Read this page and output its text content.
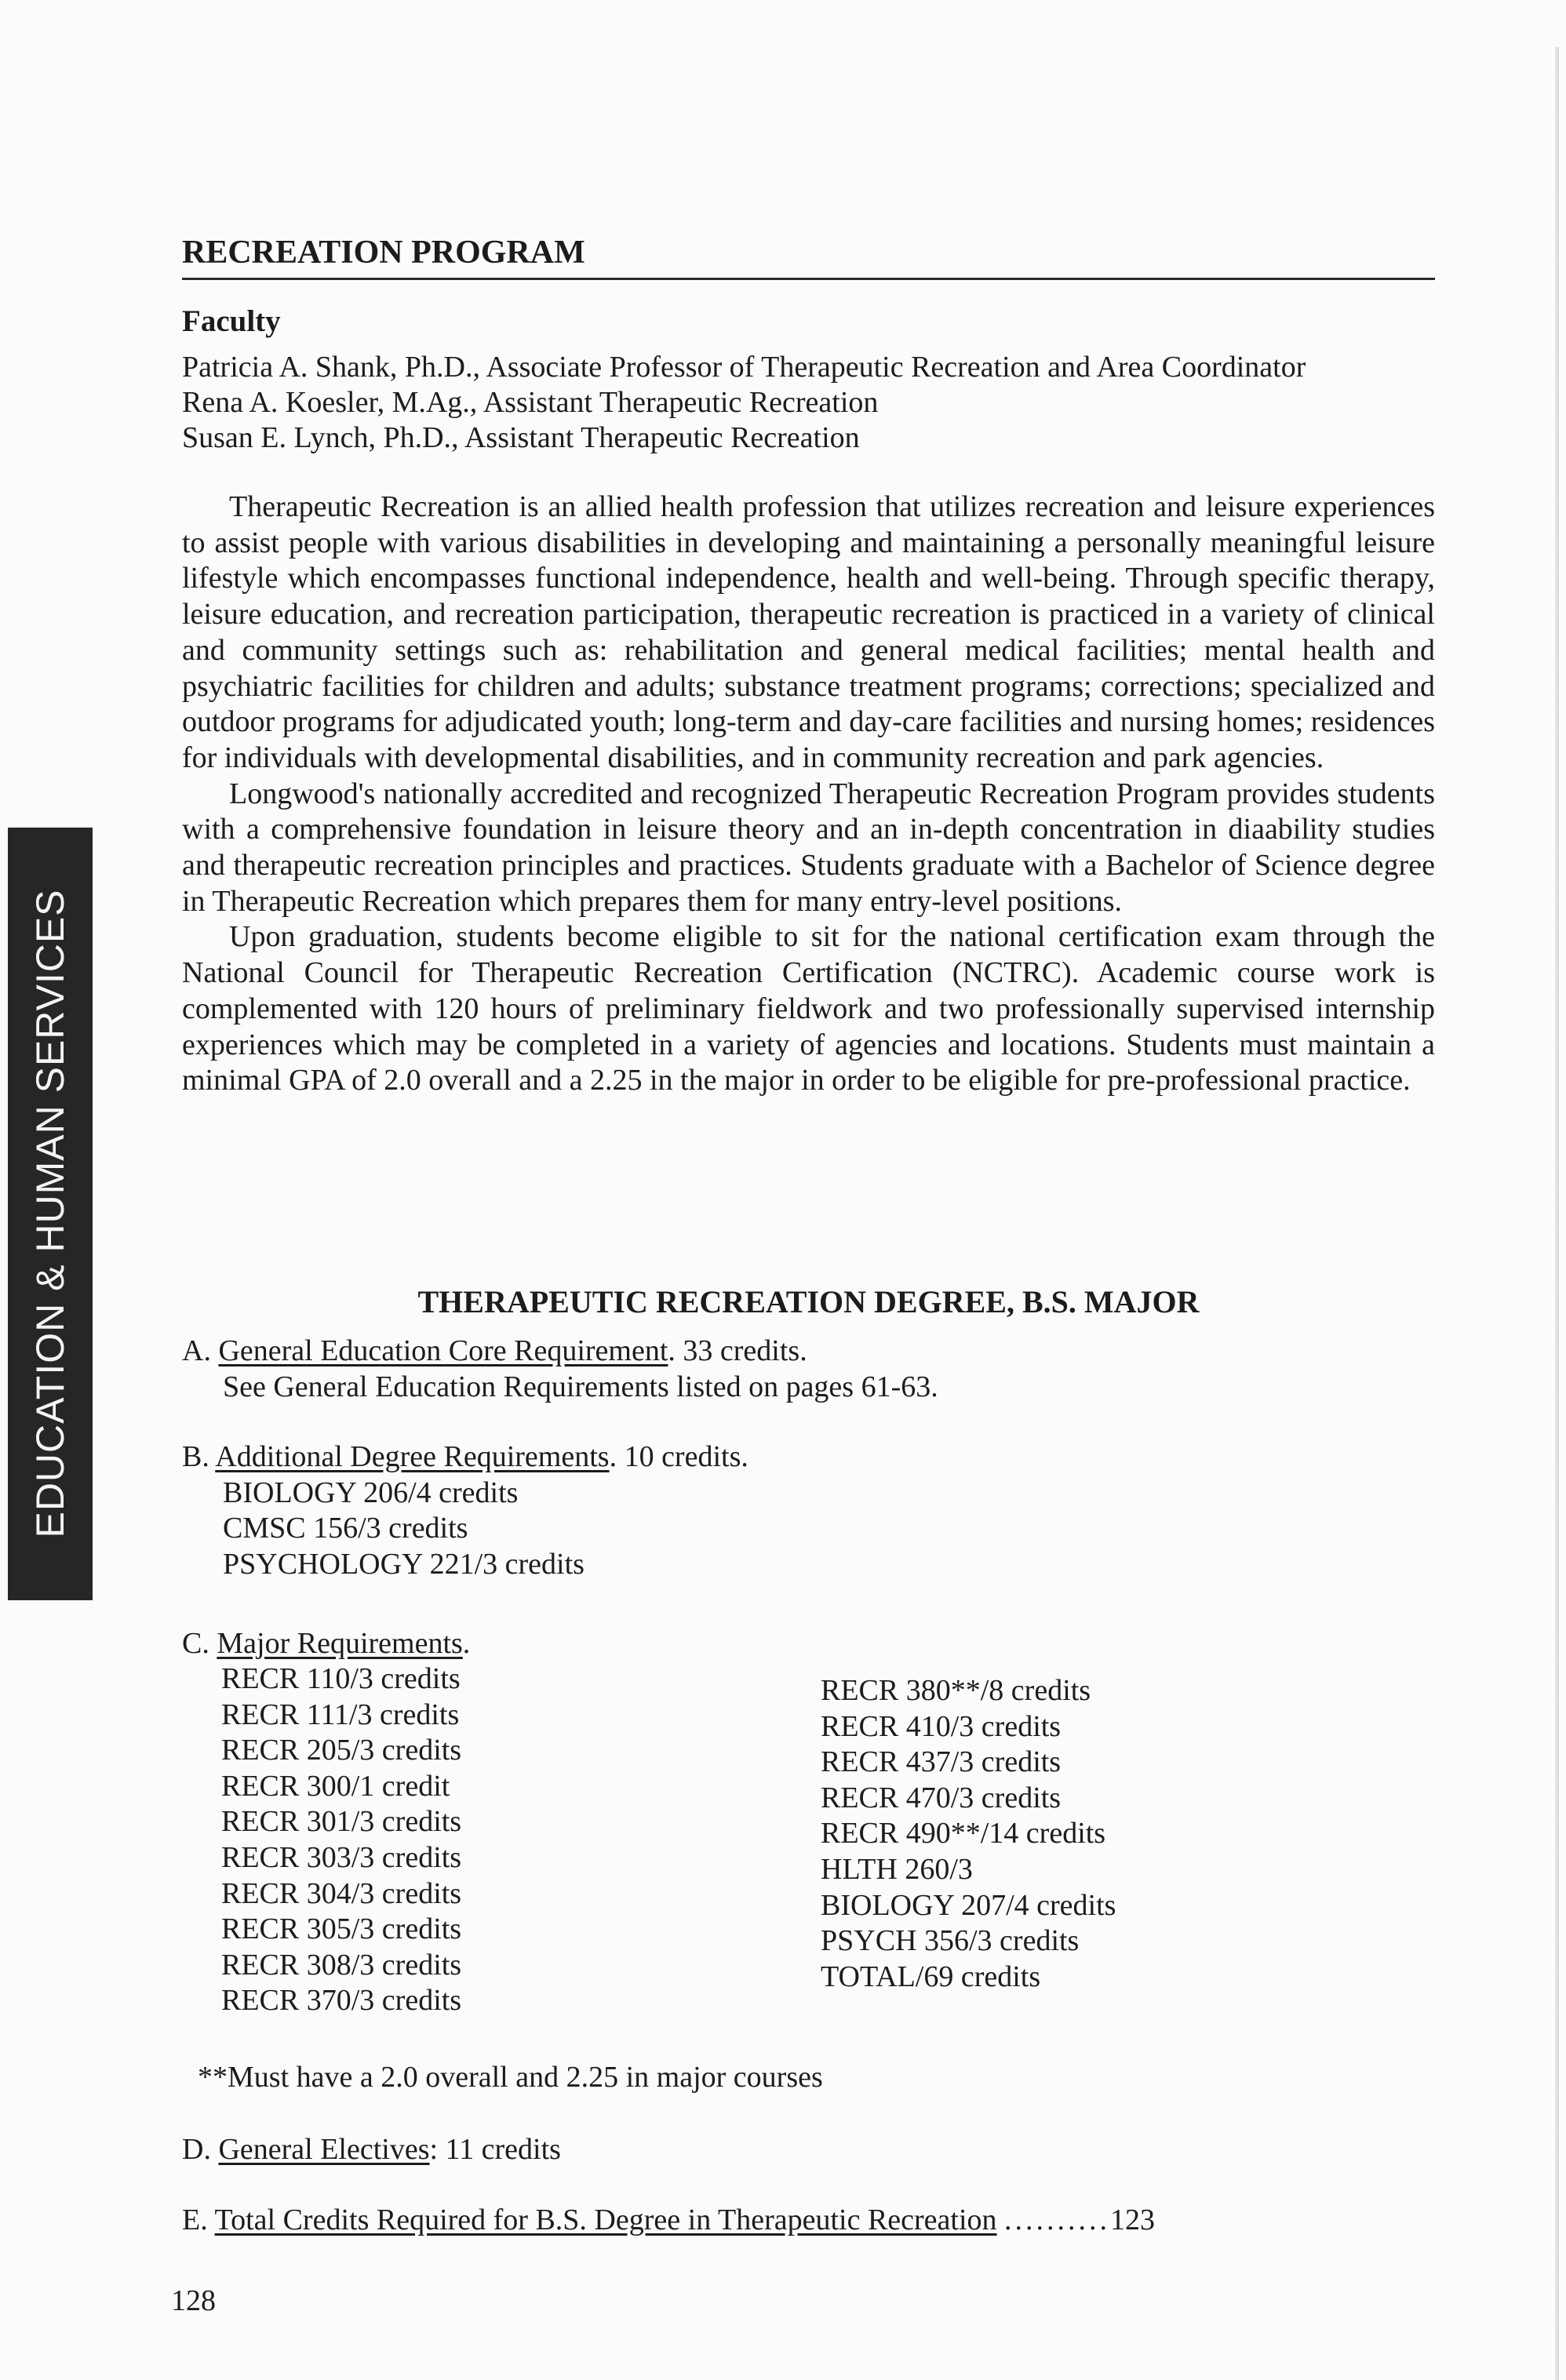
EDUCATION & HUMAN SERVICES
RECREATION PROGRAM
Faculty
Patricia A. Shank, Ph.D., Associate Professor of Therapeutic Recreation and Area Coordinator
Rena A. Koesler, M.Ag., Assistant Therapeutic Recreation
Susan E. Lynch, Ph.D., Assistant Therapeutic Recreation

Therapeutic Recreation is an allied health profession that utilizes recreation and leisure experiences to assist people with various disabilities in developing and maintaining a personally meaningful leisure lifestyle which encompasses functional independence, health and well-being. Through specific therapy, leisure education, and recreation participation, therapeutic recreation is practiced in a variety of clinical and community settings such as: rehabilitation and general medical facilities; mental health and psychiatric facilities for children and adults; substance treatment programs; corrections; specialized and outdoor programs for adjudicated youth; long-term and day-care facilities and nursing homes; residences for individuals with developmental disabilities, and in community recreation and park agencies.

Longwood's nationally accredited and recognized Therapeutic Recreation Program provides students with a comprehensive foundation in leisure theory and an in-depth concentration in diaability studies and therapeutic recreation principles and practices. Students graduate with a Bachelor of Science degree in Therapeutic Recreation which prepares them for many entry-level positions.

Upon graduation, students become eligible to sit for the national certification exam through the National Council for Therapeutic Recreation Certification (NCTRC). Academic course work is complemented with 120 hours of preliminary fieldwork and two professionally supervised internship experiences which may be completed in a variety of agencies and locations. Students must maintain a minimal GPA of 2.0 overall and a 2.25 in the major in order to be eligible for pre-professional practice.

THERAPEUTIC RECREATION DEGREE, B.S. MAJOR
A. General Education Core Requirement. 33 credits.
See General Education Requirements listed on pages 61-63.
B. Additional Degree Requirements. 10 credits.
BIOLOGY 206/4 credits
CMSC 156/3 credits
PSYCHOLOGY 221/3 credits
C. Major Requirements.
RECR 110/3 credits
RECR 111/3 credits
RECR 205/3 credits
RECR 300/1 credit
RECR 301/3 credits
RECR 303/3 credits
RECR 304/3 credits
RECR 305/3 credits
RECR 308/3 credits
RECR 370/3 credits
RECR 380**/8 credits
RECR 410/3 credits
RECR 437/3 credits
RECR 470/3 credits
RECR 490**/14 credits
HLTH 260/3
BIOLOGY 207/4 credits
PSYCH 356/3 credits
TOTAL/69 credits
**Must have a 2.0 overall and 2.25 in major courses
D. General Electives: 11 credits
E. Total Credits Required for B.S. Degree in Therapeutic Recreation ..........123
128
